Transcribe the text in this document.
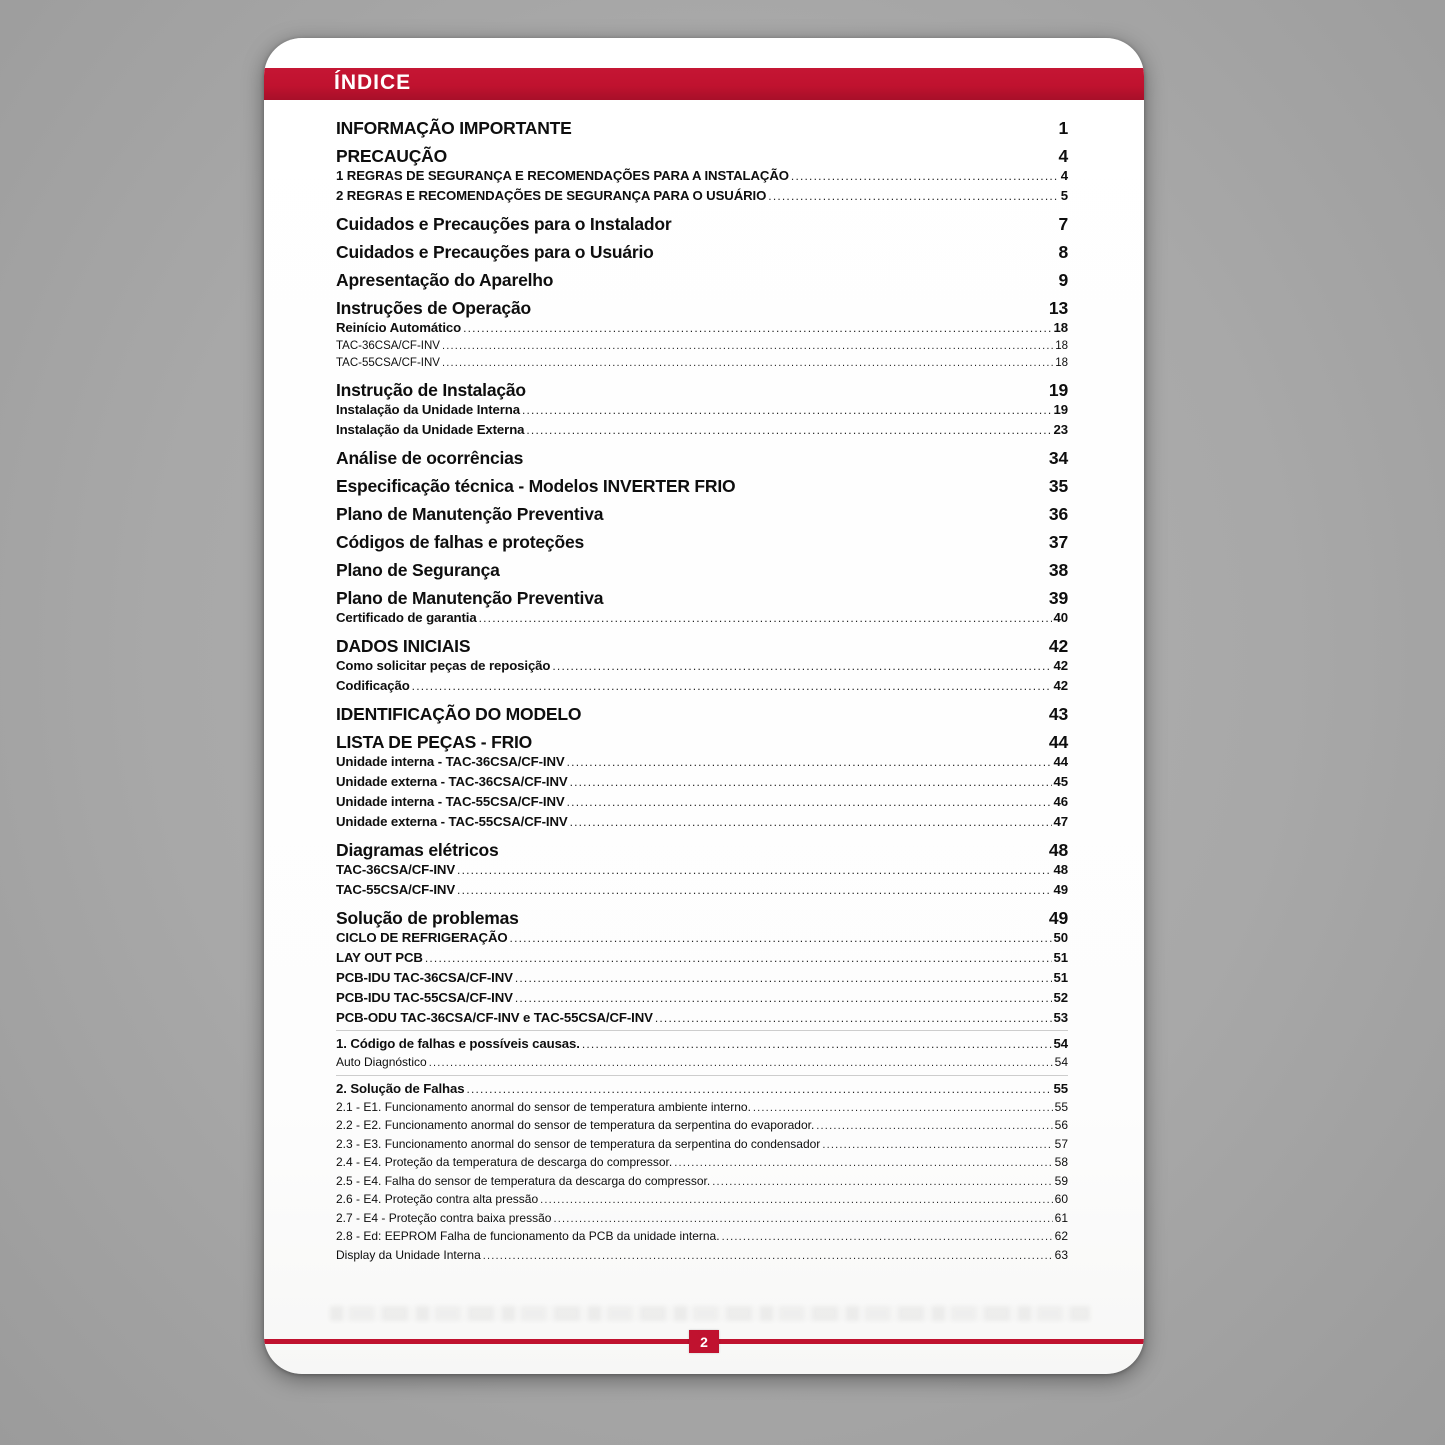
ÍNDICE
INFORMAÇÃO IMPORTANTE	1
PRECAUÇÃO	4
1 REGRAS DE SEGURANÇA E RECOMENDAÇÕES PARA A INSTALAÇÃO .....	4
2 REGRAS E RECOMENDAÇÕES DE SEGURANÇA PARA O USUÁRIO .....	5
Cuidados e Precauções para o Instalador	7
Cuidados e Precauções para o Usuário	8
Apresentação do Aparelho	9
Instruções de Operação	13
Reinício Automático .....	18
TAC-36CSA/CF-INV .....	18
TAC-55CSA/CF-INV .....	18
Instrução de Instalação	19
Instalação da Unidade Interna .....	19
Instalação da Unidade Externa .....	23
Análise de ocorrências	34
Especificação técnica - Modelos INVERTER FRIO	35
Plano de Manutenção Preventiva	36
Códigos de falhas e proteções	37
Plano de Segurança	38
Plano de Manutenção Preventiva	39
Certificado de garantia .....	40
DADOS INICIAIS	42
Como solicitar peças de reposição .....	42
Codificação .....	42
IDENTIFICAÇÃO DO MODELO	43
LISTA DE PEÇAS - FRIO	44
Unidade interna - TAC-36CSA/CF-INV .....	44
Unidade externa - TAC-36CSA/CF-INV .....	45
Unidade interna - TAC-55CSA/CF-INV .....	46
Unidade externa - TAC-55CSA/CF-INV .....	47
Diagramas elétricos	48
TAC-36CSA/CF-INV .....	48
TAC-55CSA/CF-INV .....	49
Solução de problemas	49
CICLO DE REFRIGERAÇÃO .....	50
LAY OUT PCB .....	51
PCB-IDU TAC-36CSA/CF-INV .....	51
PCB-IDU TAC-55CSA/CF-INV .....	52
PCB-ODU TAC-36CSA/CF-INV e TAC-55CSA/CF-INV .....	53
1. Código de falhas e possíveis causas. .....	54
Auto Diagnóstico .....	54
2. Solução de Falhas .....	55
2.1 - E1. Funcionamento anormal do sensor de temperatura ambiente interno. .....	55
2.2 - E2. Funcionamento anormal do sensor de temperatura da serpentina do evaporador. .....	56
2.3 - E3. Funcionamento anormal do sensor de temperatura da serpentina do condensador .....	57
2.4 - E4. Proteção da temperatura de descarga do compressor. .....	58
2.5 - E4. Falha do sensor de temperatura da descarga do compressor. .....	59
2.6 - E4. Proteção contra alta pressão .....	60
2.7 - E4 - Proteção contra baixa pressão .....	61
2.8 - Ed: EEPROM Falha de funcionamento da PCB da unidade interna. .....	62
Display da Unidade Interna .....	63
2
